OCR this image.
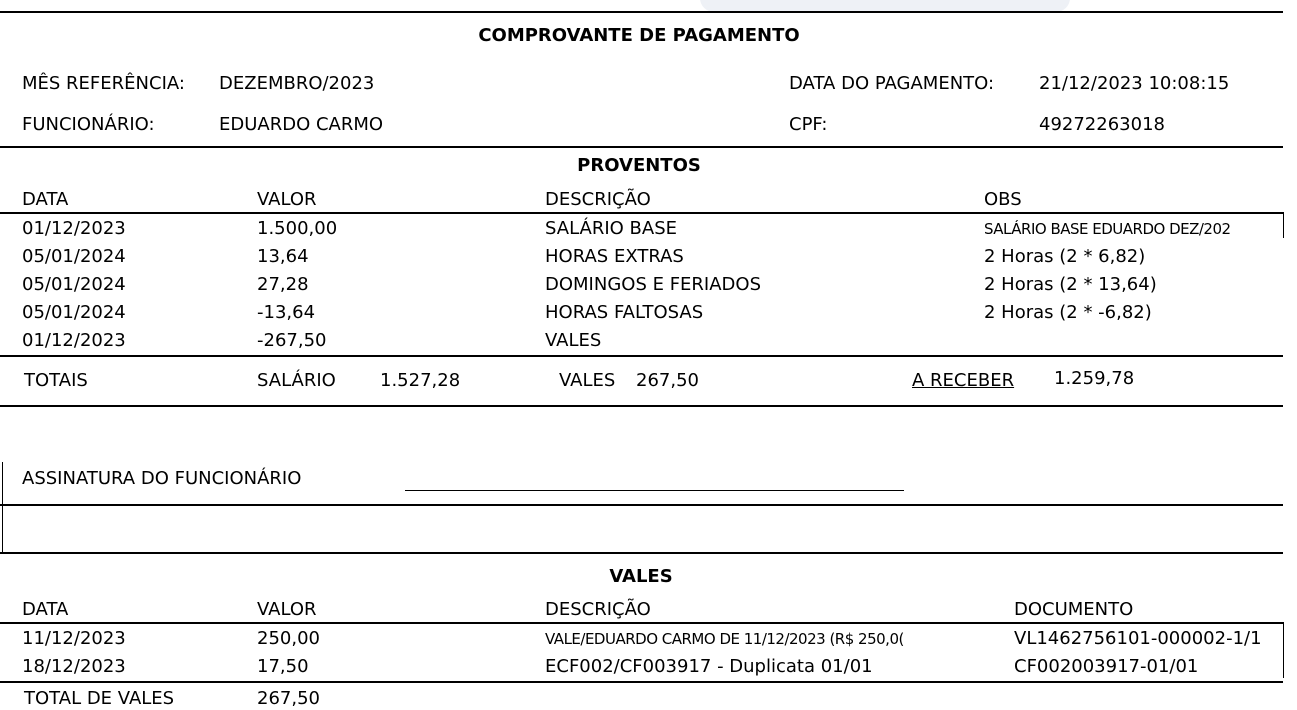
COMPROVANTE DE PAGAMENTO
MÊS REFERÊNCIA: DEZEMBRO/2023	DATA DO PAGAMENTO: 21/12/2023 10:08:15
FUNCIONÁRIO:	EDUARDO CARMO	CPF:	49272263018
PROVENTOS
DATA	VALOR	DESCRIÇÃO	OBS
01/12/2023	1.500,00	SALÁRIO BASE	SALÁRIO BASE EDUARDO DEZ/202
05/01/2024	13,64	HORAS EXTRAS	2 Horas (2 * 6,82)
05/01/2024	27,28	DOMINGOS E FERIADOS	2 Horas (2 * 13,64)
05/01/2024	-13,64	HORAS FALTOSAS	2 Horas (2 * -6,82)
01/12/2023	-267,50	VALES
TOTAIS	SALÁRIO 1.527,28	VALES 267,50	A RECEBER 1.259,78
ASSINATURA DO FUNCIONÁRIO
VALES
DATA	VALOR	DESCRIÇÃO	DOCUMENTO
11/12/2023	250,00	VALE/EDUARDO CARMO DE 11/12/2023 (R$ 250,0(	VL1462756101-000002-1/1
18/12/2023	17,50	ECF002/CF003917 - Duplicata 01/01	CF002003917-01/01
TOTAL DE VALES	267,50
